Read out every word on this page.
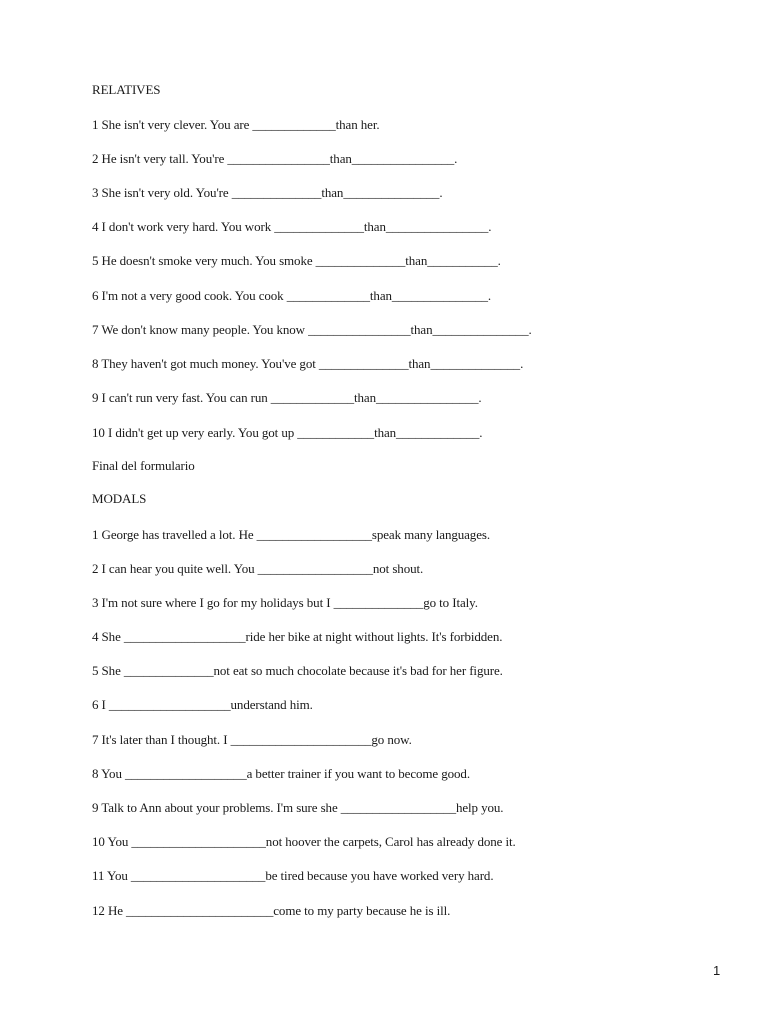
RELATIVES
1 She isn't very clever. You are _____________than her.
2 He isn't very tall. You're ________________than________________.
3 She isn't very old. You're ______________than_______________.
4 I don't work very hard. You work ______________than________________.
5 He doesn't smoke very much. You smoke ______________than___________.
6 I'm not a very good cook. You cook _____________than_______________.
7 We don't know many people. You know ________________than_______________.
8 They haven't got much money. You've got ______________than______________.
9 I can't run very fast. You can run _____________than________________.
10 I didn't get up very early. You got up ____________than_____________.
Final del formulario
MODALS
1 George has travelled a lot. He __________________speak many languages.
2 I can hear you quite well. You __________________not shout.
3 I'm not sure where I go for my holidays but I ______________go to Italy.
4 She ___________________ride her bike at night without lights. It's forbidden.
5 She ______________not eat so much chocolate because it's bad for her figure.
6 I ___________________understand him.
7 It's later than I thought. I ______________________go now.
8 You ___________________a better trainer if you want to become good.
9 Talk to Ann about your problems. I'm sure she __________________help you.
10 You _____________________not hoover the carpets, Carol has already done it.
11 You _____________________be tired because you have worked very hard.
12 He _______________________come to my party because he is ill.
1
